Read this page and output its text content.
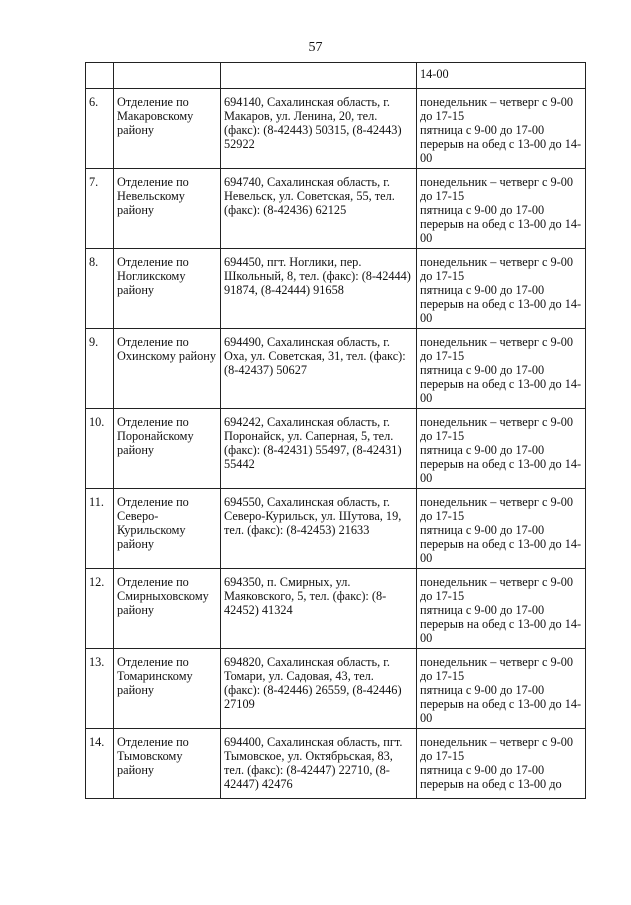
57
			14-00
6.	Отделение по Макаровскому району	694140, Сахалинская область, г. Макаров, ул. Ленина, 20, тел. (факс): (8-42443) 50315, (8-42443) 52922	понедельник – четверг с 9-00 до 17-15
пятница с 9-00 до 17-00
перерыв на обед с 13-00 до 14-00

7.	Отделение по Невельскому району	694740, Сахалинская область, г. Невельск, ул. Советская, 55, тел. (факс): (8-42436) 62125	понедельник – четверг с 9-00 до 17-15
пятница с 9-00 до 17-00
перерыв на обед с 13-00 до 14-00

8.	Отделение по Ногликскому району	694450, пгт. Ноглики, пер. Школьный, 8, тел. (факс): (8-42444) 91874, (8-42444) 91658	понедельник – четверг с 9-00 до 17-15
пятница с 9-00 до 17-00
перерыв на обед с 13-00 до 14-00

9.	Отделение по Охинскому району	694490, Сахалинская область, г. Оха, ул. Советская, 31, тел. (факс): (8-42437) 50627	понедельник – четверг с 9-00 до 17-15
пятница с 9-00 до 17-00
перерыв на обед с 13-00 до 14-00

10.	Отделение по Поронайскому району	694242, Сахалинская область, г. Поронайск, ул. Саперная, 5, тел. (факс): (8-42431) 55497, (8-42431) 55442	понедельник – четверг с 9-00 до 17-15
пятница с 9-00 до 17-00
перерыв на обед с 13-00 до 14-00

11.	Отделение по Северо-Курильскому району	694550, Сахалинская область, г. Северо-Курильск, ул. Шутова, 19, тел. (факс): (8-42453) 21633	понедельник – четверг с 9-00 до 17-15
пятница с 9-00 до 17-00
перерыв на обед с 13-00 до 14-00

12.	Отделение по Смирныховскому району	694350, п. Смирных, ул. Маяковского, 5, тел. (факс): (8-42452) 41324	понедельник – четверг с 9-00 до 17-15
пятница с 9-00 до 17-00
перерыв на обед с 13-00 до 14-00

13.	Отделение по Томаринскому району	694820, Сахалинская область, г. Томари, ул. Садовая, 43, тел. (факс): (8-42446) 26559, (8-42446) 27109	понедельник – четверг с 9-00 до 17-15
пятница с 9-00 до 17-00
перерыв на обед с 13-00 до 14-00

14.	Отделение по Тымовскому району	694400, Сахалинская область, пгт. Тымовское, ул. Октябрьская, 83, тел. (факс): (8-42447) 22710, (8-42447) 42476	понедельник – четверг с 9-00 до 17-15
пятница с 9-00 до 17-00
перерыв на обед с 13-00 до
